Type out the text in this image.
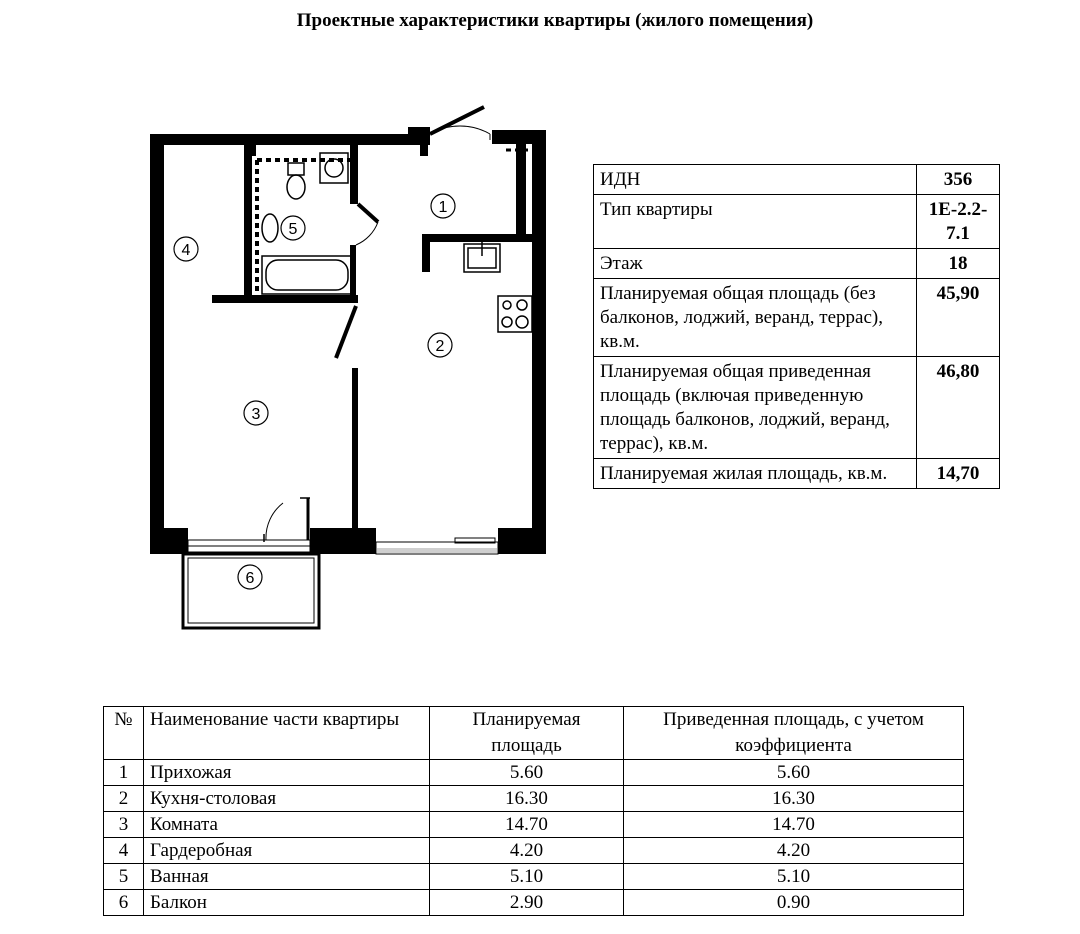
Проектные характеристики квартиры (жилого помещения)
1
2
3
4
5
6
ИДН	356
Тип квартиры	1Е-2.2-7.1
Этаж	18
Планируемая общая площадь (без балконов, лоджий, веранд, террас), кв.м.	45,90
Планируемая общая приведенная площадь (включая приведенную площадь балконов, лоджий, веранд, террас), кв.м.	46,80
Планируемая жилая площадь, кв.м.	14,70
№	Наименование части квартиры	Планируемая площадь	Приведенная площадь, с учетом коэффициента
1	Прихожая	5.60	5.60
2	Кухня-столовая	16.30	16.30
3	Комната	14.70	14.70
4	Гардеробная	4.20	4.20
5	Ванная	5.10	5.10
6	Балкон	2.90	0.90
